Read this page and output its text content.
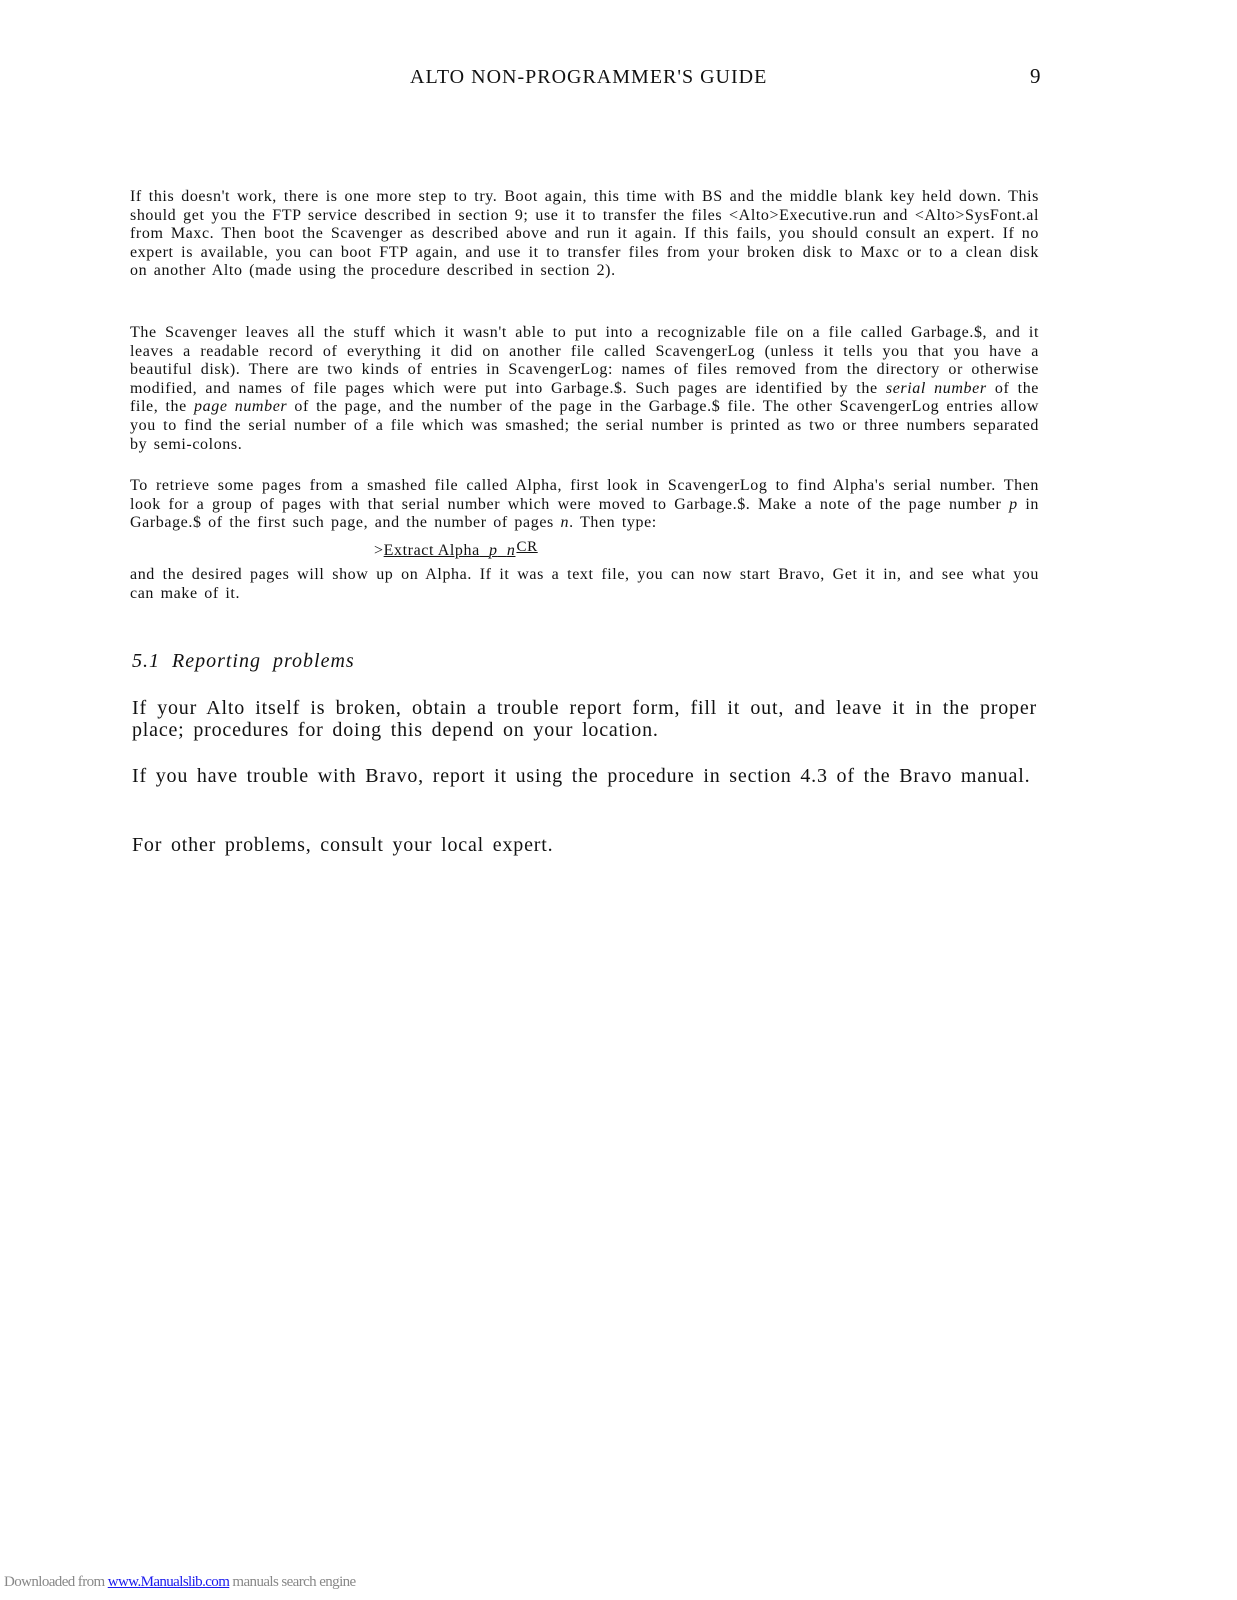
ALTO NON-PROGRAMMER'S GUIDE	9

If this doesn't work, there is one more step to try. Boot again, this time with BS and the middle blank key held down. This should get you the FTP service described in section 9; use it to transfer the files <Alto>Executive.run and <Alto>SysFont.al from Maxc. Then boot the Scavenger as described above and run it again. If this fails, you should consult an expert. If no expert is available, you can boot FTP again, and use it to transfer files from your broken disk to Maxc or to a clean disk on another Alto (made using the procedure described in section 2).

The Scavenger leaves all the stuff which it wasn't able to put into a recognizable file on a file called Garbage.$, and it leaves a readable record of everything it did on another file called ScavengerLog (unless it tells you that you have a beautiful disk). There are two kinds of entries in ScavengerLog: names of files removed from the directory or otherwise modified, and names of file pages which were put into Garbage.$. Such pages are identified by the serial number of the file, the page number of the page, and the number of the page in the Garbage.$ file. The other ScavengerLog entries allow you to find the serial number of a file which was smashed; the serial number is printed as two or three numbers separated by semi-colons.

To retrieve some pages from a smashed file called Alpha, first look in ScavengerLog to find Alpha's serial number. Then look for a group of pages with that serial number which were moved to Garbage.$. Make a note of the page number p in Garbage.$ of the first such page, and the number of pages n. Then type:

>Extract Alpha p $n^{CR}$

and the desired pages will show up on Alpha. If it was a text file, you can now start Bravo, Get it in, and see what you can make of it.

5.1 Reporting problems

If your Alto itself is broken, obtain a trouble report form, fill it out, and leave it in the proper place; procedures for doing this depend on your location.

If you have trouble with Bravo, report it using the procedure in section 4.3 of the Bravo manual.

For other problems, consult your local expert.

Downloaded from www.Manualslib.com manuals search engine
